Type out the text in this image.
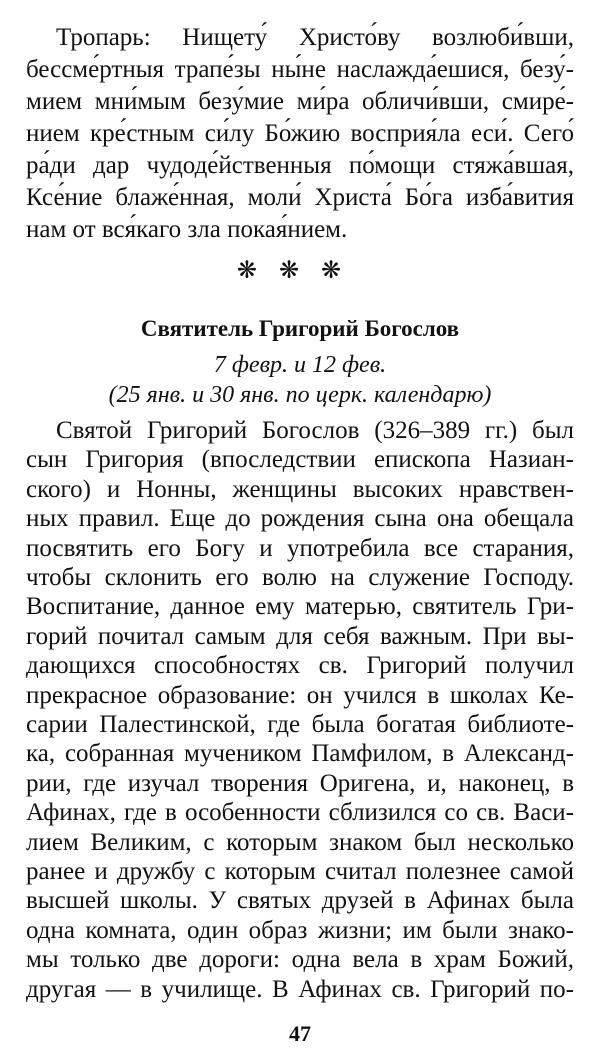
Тропарь: Нищету́ Христо́ву возлюби́вши,
бессме́ртныя трапе́зы ны́не наслажда́ешися, безу́-
мием мни́мым безу́мие ми́ра обличи́вши, смире́-
нием кре́стным си́лу Бо́жию восприя́ла еси́. Сего́
ра́ди дар чудоде́йственныя по́мощи стяжа́вшая,
Ксе́ние блаже́нная, моли́ Христа́ Бо́га изба́вития
нам от вся́каго зла покая́нием.
❋❋❋
Святитель Григорий Богослов
7 февр. и 12 фев.
(25 янв. и 30 янв. по церк. календарю)
Святой Григорий Богослов (326–389 гг.) был
сын Григория (впоследствии епископа Назиан-
ского) и Нонны, женщины высоких нравствен-
ных правил. Еще до рождения сына она обещала
посвятить его Богу и употребила все старания,
чтобы склонить его волю на служение Господу.
Воспитание, данное ему матерью, святитель Гри-
горий почитал самым для себя важным. При вы-
дающихся способностях св. Григорий получил
прекрасное образование: он учился в школах Ке-
сарии Палестинской, где была богатая библиоте-
ка, собранная мучеником Памфилом, в Александ-
рии, где изучал творения Оригена, и, наконец, в
Афинах, где в особенности сблизился со св. Васи-
лием Великим, с которым знаком был несколько
ранее и дружбу с которым считал полезнее самой
высшей школы. У святых друзей в Афинах была
одна комната, один образ жизни; им были знако-
мы только две дороги: одна вела в храм Божий,
другая — в училище. В Афинах св. Григорий по-
47
